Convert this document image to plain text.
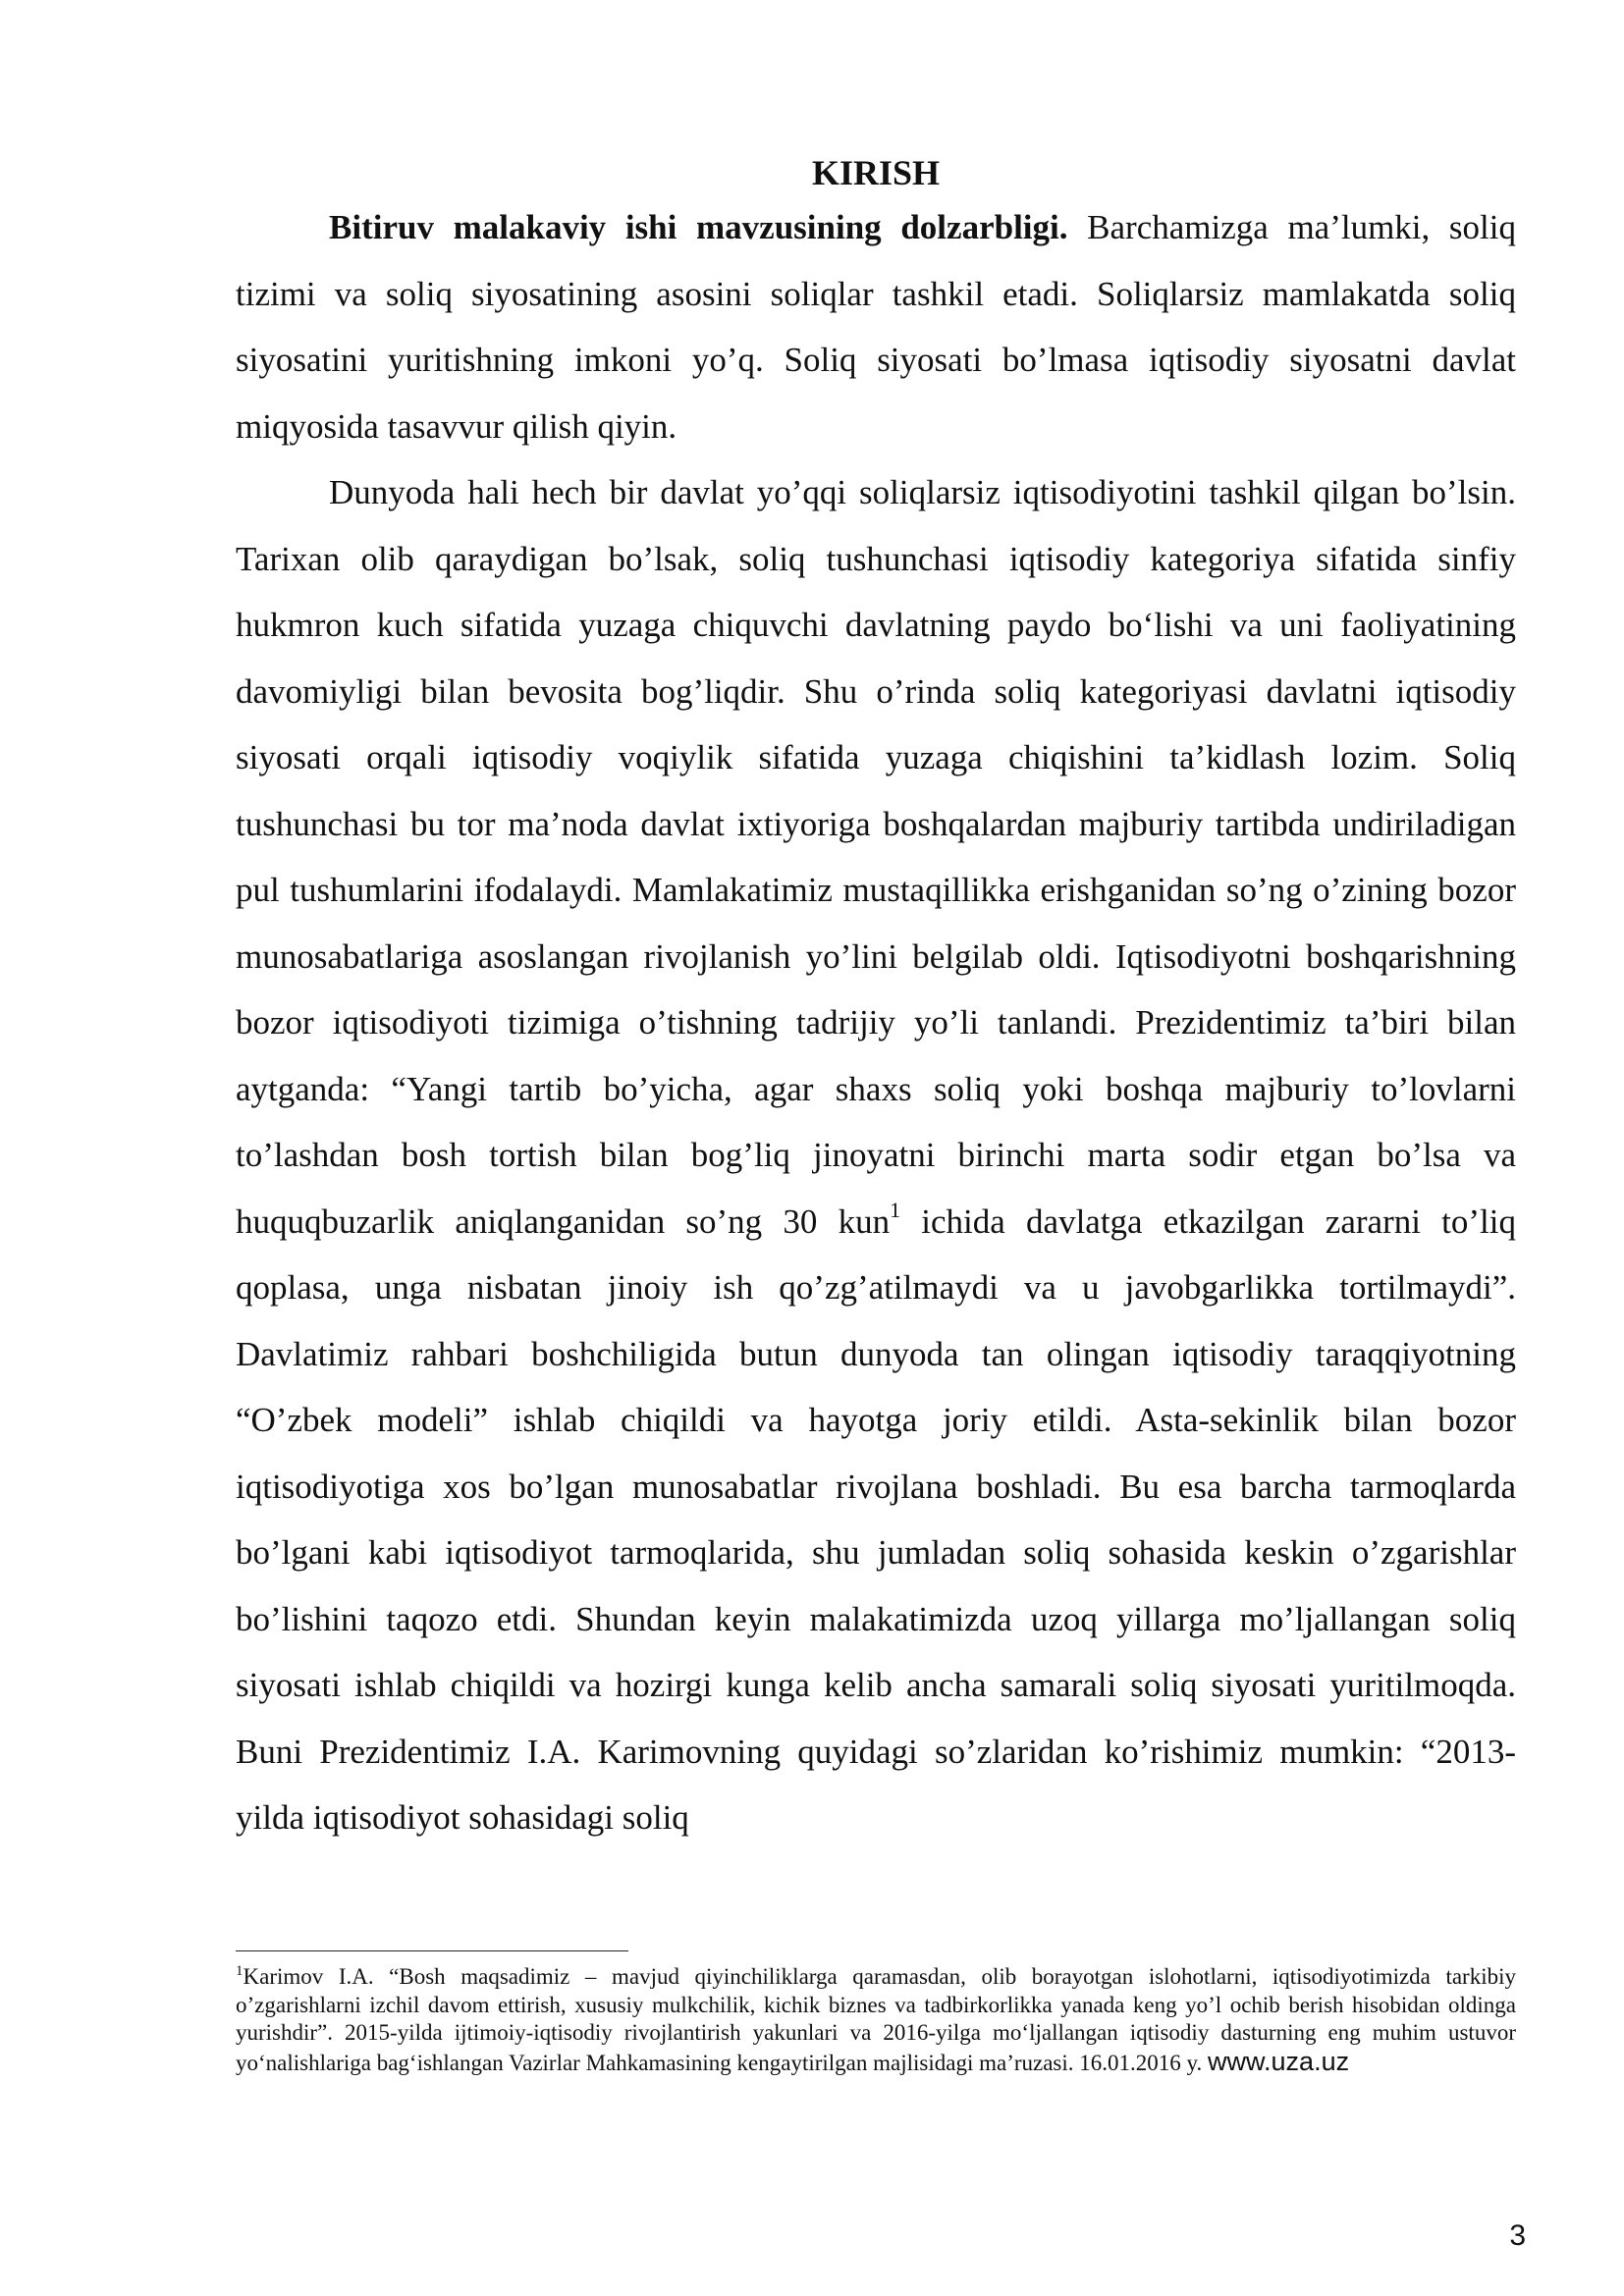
KIRISH

Bitiruv malakaviy ishi mavzusining dolzarbligi. Barchamizga ma’lumki, soliq tizimi va soliq siyosatining asosini soliqlar tashkil etadi. Soliqlarsiz mamlakatda soliq siyosatini yuritishning imkoni yo’q. Soliq siyosati bo’lmasa iqtisodiy siyosatni davlat miqyosida tasavvur qilish qiyin.

Dunyoda hali hech bir davlat yo’qqi soliqlarsiz iqtisodiyotini tashkil qilgan bo’lsin. Tarixan olib qaraydigan bo’lsak, soliq tushunchasi iqtisodiy kategoriya sifatida sinfiy hukmron kuch sifatida yuzaga chiquvchi davlatning paydo bo‘lishi va uni faoliyatining davomiyligi bilan bevosita bog’liqdir. Shu o’rinda soliq kategoriyasi davlatni iqtisodiy siyosati orqali iqtisodiy voqiylik sifatida yuzaga chiqishini ta’kidlash lozim. Soliq tushunchasi bu tor ma’noda davlat ixtiyoriga boshqalardan majburiy tartibda undiriladigan pul tushumlarini ifodalaydi. Mamlakatimiz mustaqillikka erishganidan so’ng o’zining bozor munosabatlariga asoslangan rivojlanish yo’lini belgilab oldi. Iqtisodiyotni boshqarishning bozor iqtisodiyoti tizimiga o’tishning tadrijiy yo’li tanlandi. Prezidentimiz ta’biri bilan aytganda: “Yangi tartib bo’yicha, agar shaxs soliq yoki boshqa majburiy to’lovlarni to’lashdan bosh tortish bilan bog’liq jinoyatni birinchi marta sodir etgan bo’lsa va huquqbuzarlik aniqlanganidan so’ng 30 kun$^1$ ichida davlatga etkazilgan zararni to’liq qoplasa, unga nisbatan jinoiy ish qo’zg’atilmaydi va u javobgarlikka tortilmaydi”. Davlatimiz rahbari boshchiligida butun dunyoda tan olingan iqtisodiy taraqqiyotning “O’zbek modeli” ishlab chiqildi va hayotga joriy etildi. Asta-sekinlik bilan bozor iqtisodiyotiga xos bo’lgan munosabatlar rivojlana boshladi. Bu esa barcha tarmoqlarda bo’lgani kabi iqtisodiyot tarmoqlarida, shu jumladan soliq sohasida keskin o’zgarishlar bo’lishini taqozo etdi. Shundan keyin malakatimizda uzoq yillarga mo’ljallangan soliq siyosati ishlab chiqildi va hozirgi kunga kelib ancha samarali soliq siyosati yuritilmoqda. Buni Prezidentimiz I.A. Karimovning quyidagi so’zlaridan ko’rishimiz mumkin: “2013-yilda iqtisodiyot sohasidagi soliq

$^1$Karimov I.A. “Bosh maqsadimiz – mavjud qiyinchiliklarga qaramasdan, olib borayotgan islohotlarni, iqtisodiyotimizda tarkibiy o’zgarishlarni izchil davom ettirish, xususiy mulkchilik, kichik biznes va tadbirkorlikka yanada keng yo’l ochib berish hisobidan oldinga yurishdir”. 2015-yilda ijtimoiy-iqtisodiy rivojlantirish yakunlari va 2016-yilga mo‘ljallangan iqtisodiy dasturning eng muhim ustuvor yo‘nalishlariga bag‘ishlangan Vazirlar Mahkamasining kengaytirilgan majlisidagi ma’ruzasi. 16.01.2016 y. www.uza.uz

3
